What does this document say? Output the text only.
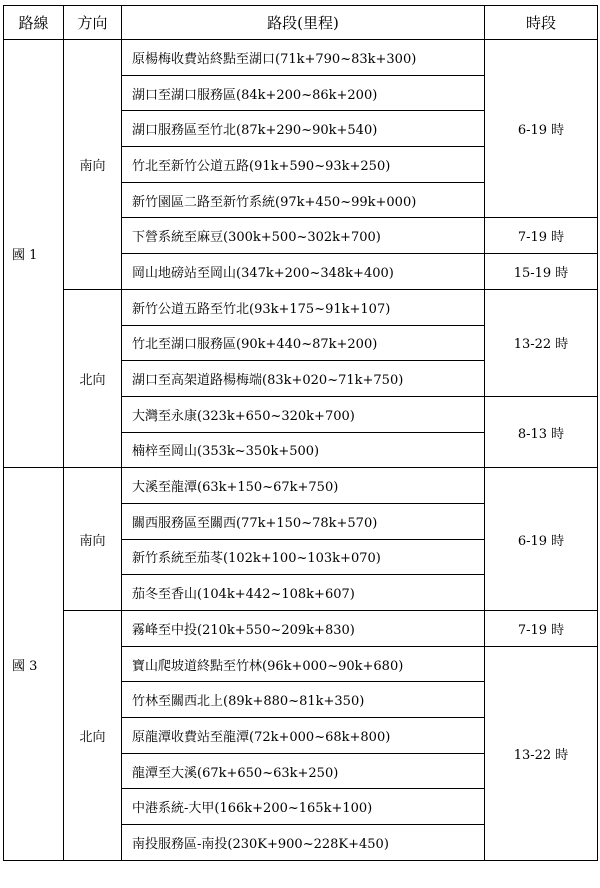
路線	方向	路段(里程)	時段
國 1	南向	原楊梅收費站終點至湖口(71k+790~83k+300)	6-19 時
		湖口至湖口服務區(84k+200~86k+200)	
		湖口服務區至竹北(87k+290~90k+540)	
		竹北至新竹公道五路(91k+590~93k+250)	
		新竹園區二路至新竹系統(97k+450~99k+000)	
		下營系統至麻豆(300k+500~302k+700)	7-19 時
		岡山地磅站至岡山(347k+200~348k+400)	15-19 時
	北向	新竹公道五路至竹北(93k+175~91k+107)	13-22 時
		竹北至湖口服務區(90k+440~87k+200)	
		湖口至高架道路楊梅端(83k+020~71k+750)	
		大灣至永康(323k+650~320k+700)	8-13 時
		楠梓至岡山(353k~350k+500)	
國 3	南向	大溪至龍潭(63k+150~67k+750)	6-19 時
		關西服務區至關西(77k+150~78k+570)	
		新竹系統至茄苳(102k+100~103k+070)	
		茄冬至香山(104k+442~108k+607)	
	北向	霧峰至中投(210k+550~209k+830)	7-19 時
		寶山爬坡道終點至竹林(96k+000~90k+680)	13-22 時
		竹林至關西北上(89k+880~81k+350)	
		原龍潭收費站至龍潭(72k+000~68k+800)	
		龍潭至大溪(67k+650~63k+250)	
		中港系統-大甲(166k+200~165k+100)	
		南投服務區-南投(230K+900~228K+450)	
